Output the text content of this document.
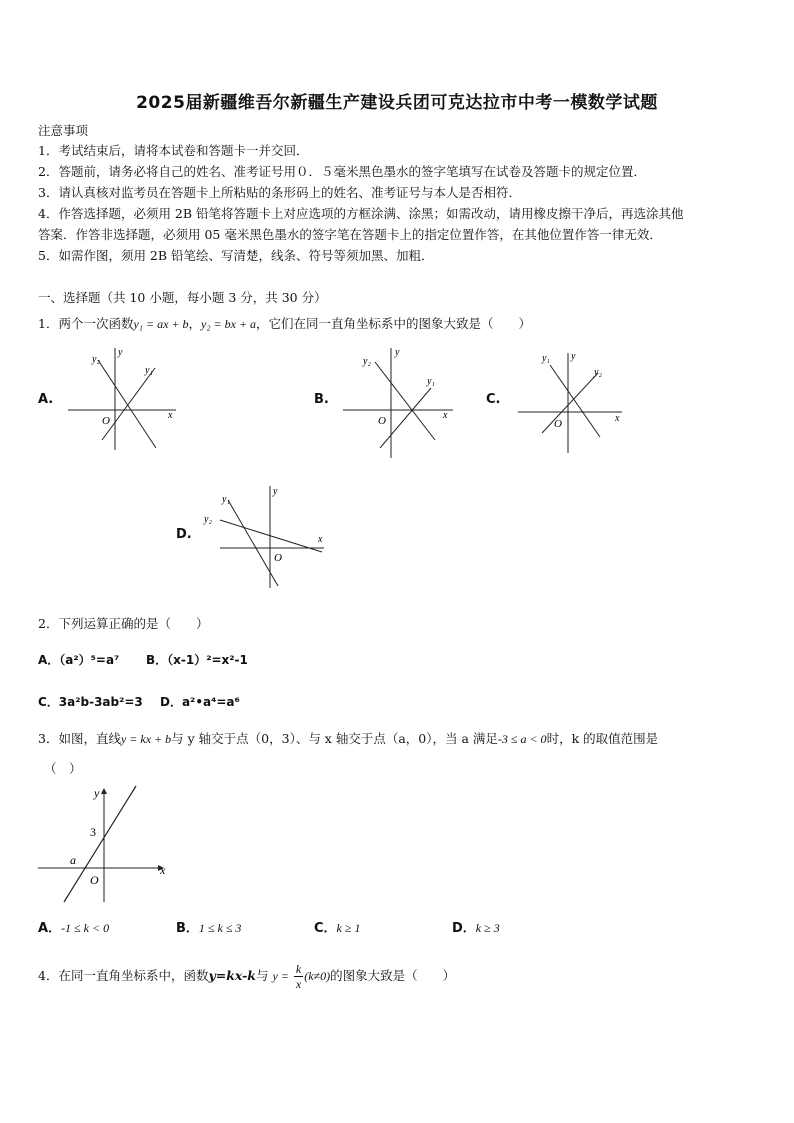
2025届新疆维吾尔新疆生产建设兵团可克达拉市中考一模数学试题
注意事项
1．考试结束后，请将本试卷和答题卡一并交回．
2．答题前，请务必将自己的姓名、准考证号用０．５毫米黑色墨水的签字笔填写在试卷及答题卡的规定位置．
3．请认真核对监考员在答题卡上所粘贴的条形码上的姓名、准考证号与本人是否相符．
4．作答选择题，必须用 2B 铅笔将答题卡上对应选项的方框涂满、涂黑；如需改动，请用橡皮擦干净后，再选涂其他
答案．作答非选择题，必须用 05 毫米黑色墨水的签字笔在答题卡上的指定位置作答，在其他位置作答一律无效．
5．如需作图，须用 2B 铅笔绘、写清楚，线条、符号等须加黑、加粗．
一、选择题（共 10 小题，每小题 3 分，共 30 分）
1．两个一次函数y₁ = ax + b，y₂ = bx + a，它们在同一直角坐标系中的图象大致是（　　）
A.
y₂
y
y₁
x
O
B.
y₂
y
y₁
x
O
C.
y₁ y
y₂
x
O
D.
y₁
y₂
y
x
O
2．下列运算正确的是（　　）
A．（a²）⁵=a⁷ B．（x-1）²=x²-1
C．3a²b-3ab²=3 D．a²•a⁴=a⁶
3．如图，直线y = kx + b与 y 轴交于点（0，3）、与 x 轴交于点（a，0），当 a 满足-3 ≤ a < 0时，k 的取值范围是
（　）
y
x
3
a
O
A．-1 ≤ k < 0	B．1 ≤ k ≤ 3	C．k ≥ 1	D．k ≥ 3
4．在同一直角坐标系中，函数y=kx-k与 $y = \frac{k}{x} (k\ne 0)$的图象大致是（　　）
